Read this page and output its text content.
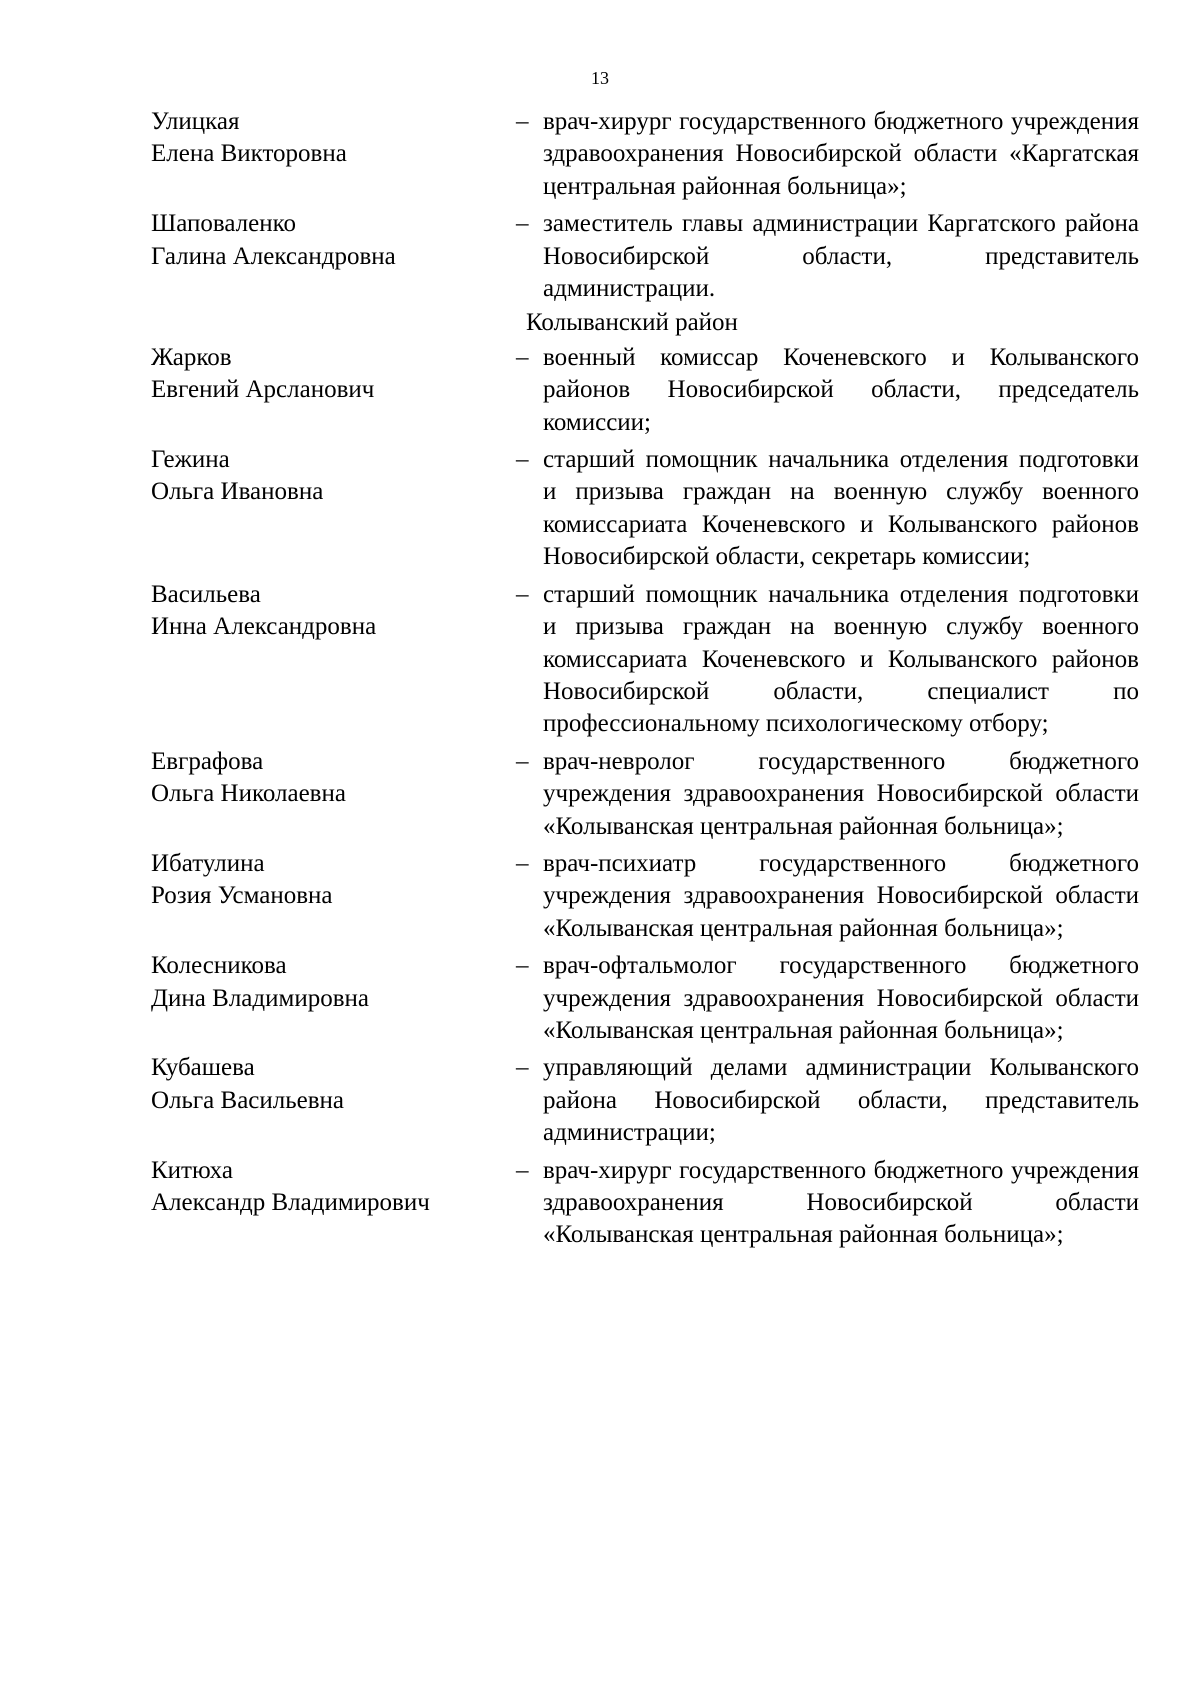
13
Улицкая
Елена Викторовна
– врач-хирург государственного бюджетного учреждения здравоохранения Новосибирской области «Каргатская центральная районная больница»;
Шаповаленко
Галина Александровна
– заместитель главы администрации Каргатского района Новосибирской области, представитель администрации.
Колыванский район
Жарков
Евгений Арсланович
– военный комиссар Коченевского и Колыванского районов Новосибирской области, председатель комиссии;
Гежина
Ольга Ивановна
– старший помощник начальника отделения подготовки и призыва граждан на военную службу военного комиссариата Коченевского и Колыванского районов Новосибирской области, секретарь комиссии;
Васильева
Инна Александровна
– старший помощник начальника отделения подготовки и призыва граждан на военную службу военного комиссариата Коченевского и Колыванского районов Новосибирской области, специалист по профессиональному психологическому отбору;
Евграфова
Ольга Николаевна
– врач-невролог государственного бюджетного учреждения здравоохранения Новосибирской области «Колыванская центральная районная больница»;
Ибатулина
Розия Усмановна
– врач-психиатр государственного бюджетного учреждения здравоохранения Новосибирской области «Колыванская центральная районная больница»;
Колесникова
Дина Владимировна
– врач-офтальмолог государственного бюджетного учреждения здравоохранения Новосибирской области «Колыванская центральная районная больница»;
Кубашева
Ольга Васильевна
– управляющий делами администрации Колыванского района Новосибирской области, представитель администрации;
Китюха
Александр Владимирович
– врач-хирург государственного бюджетного учреждения здравоохранения Новосибирской области «Колыванская центральная районная больница»;
